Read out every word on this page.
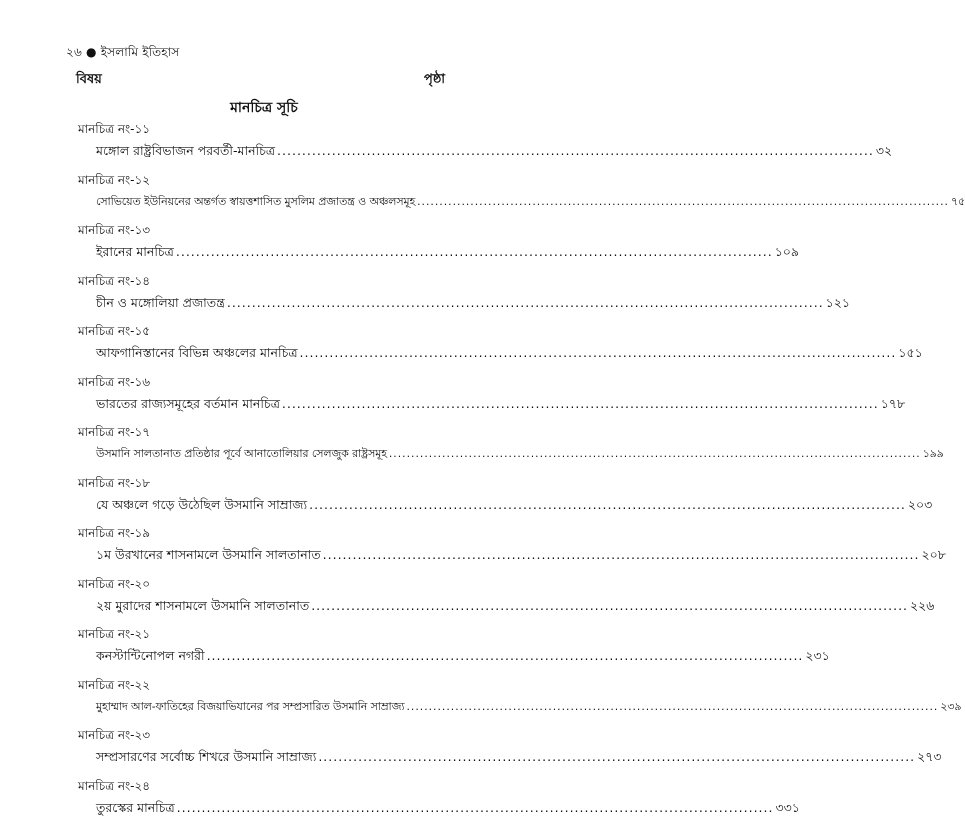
২৬ ● ইসলামি ইতিহাস
বিষয়	পৃষ্ঠা
মানচিত্র সূচি
মানচিত্র নং-১১
মঙ্গোল রাষ্ট্রবিভাজন পরবর্তী-মানচিত্র ........................................................................................................................ ৩২
মানচিত্র নং-১২
সোভিয়েত ইউনিয়নের অন্তর্গত স্বায়ত্তশাসিত মুসলিম প্রজাতন্ত্র ও অঞ্চলসমূহ ........................................................................................................................ ৭৫
মানচিত্র নং-১৩
ইরানের মানচিত্র ........................................................................................................................ ১০৯
মানচিত্র নং-১৪
চীন ও মঙ্গোলিয়া প্রজাতন্ত্র ........................................................................................................................ ১২১
মানচিত্র নং-১৫
আফগানিস্তানের বিভিন্ন অঞ্চলের মানচিত্র ........................................................................................................................ ১৫১
মানচিত্র নং-১৬
ভারতের রাজ্যসমূহের বর্তমান মানচিত্র ........................................................................................................................ ১৭৮
মানচিত্র নং-১৭
উসমানি সালতানাত প্রতিষ্ঠার পূর্বে আনাতোলিয়ার সেলজুক রাষ্ট্রসমূহ ........................................................................................................................ ১৯৯
মানচিত্র নং-১৮
যে অঞ্চলে গড়ে উঠেছিল উসমানি সাম্রাজ্য ........................................................................................................................ ২০৩
মানচিত্র নং-১৯
১ম উরখানের শাসনামলে উসমানি সালতানাত ........................................................................................................................ ২০৮
মানচিত্র নং-২০
২য় মুরাদের শাসনামলে উসমানি সালতানাত ........................................................................................................................ ২২৬
মানচিত্র নং-২১
কনস্টান্টিনোপল নগরী ........................................................................................................................ ২৩১
মানচিত্র নং-২২
মুহাম্মাদ আল-ফাতিহের বিজয়াভিযানের পর সম্প্রসারিত উসমানি সাম্রাজ্য ........................................................................................................................ ২৩৯
মানচিত্র নং-২৩
সম্প্রসারণের সর্বোচ্চ শিখরে উসমানি সাম্রাজ্য ........................................................................................................................ ২৭৩
মানচিত্র নং-২৪
তুরস্কের মানচিত্র ........................................................................................................................ ৩৩১
